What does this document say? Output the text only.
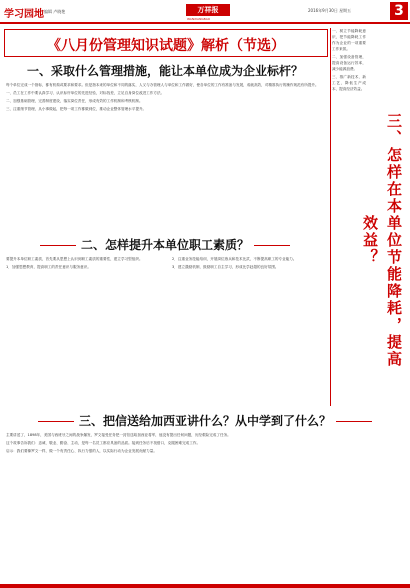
学习园地 编辑 卢晓艳	万祥报
WANXIANGBAO
2016年9月30日 星期五	3
《八月份管理知识试题》解析（节选）
一、采取什么管理措施，能让本单位成为企业标杆？

每个单位完成一个指标，都有机构或要求和要求。但是指本来的单位和不同的落实，人又与办管理人与单位和工作做好，使各单位的工作有准备与发展，成就高效，对精准执行的操作规范有所提升。

一、员工在工作中要认真学习、认识标杆单位的先进经验，对标找差，立足自身岗位改进工作方法。

二、加强基础管理，完善制度建设，落实岗位责任，形成有效的工作机制和考核机制。

三、注重细节管理，从小事做起，把每一项工作都做到位，推动企业整体管理水平提升。

二、怎样提升本单位职工素质？

要提升本单位职工素质，首先要从思想上认识到职工素质的重要性，建立学习型组织。

1．加强思想教育，提高职工的责任意识与服务意识。

2．注重业务技能培训，开展岗位练兵和技术比武，不断提高职工的专业能力。

3．建立激励机制，鼓励职工自主学习，形成比学赶超的良好氛围。

三、把信送给加西亚讲什么？从中学到了什么？

主要讲述了，1898年，美国与西班牙之间的战争爆发，罗文接受任务把一封信送给加西亚将军，他没有提出任何问题，历经艰险完成了任务。

这个故事告诉我们：忠诚、敬业、勤奋、主动，是每一名员工都应具备的品质。接到任务后不找借口，克服困难完成工作。

启示：我们要像罗文一样，做一个有责任心、执行力强的人，以实际行动为企业发展贡献力量。

一、树立节能降耗意识，把节能降耗工作作为企业的一项重要工作来抓。

二、加强设备管理，提高设备运行效率，减少能源浪费。

三、推广新技术、新工艺，降低生产成本，提高经济效益。

三、怎样在本单位节能降耗，提高效益？
